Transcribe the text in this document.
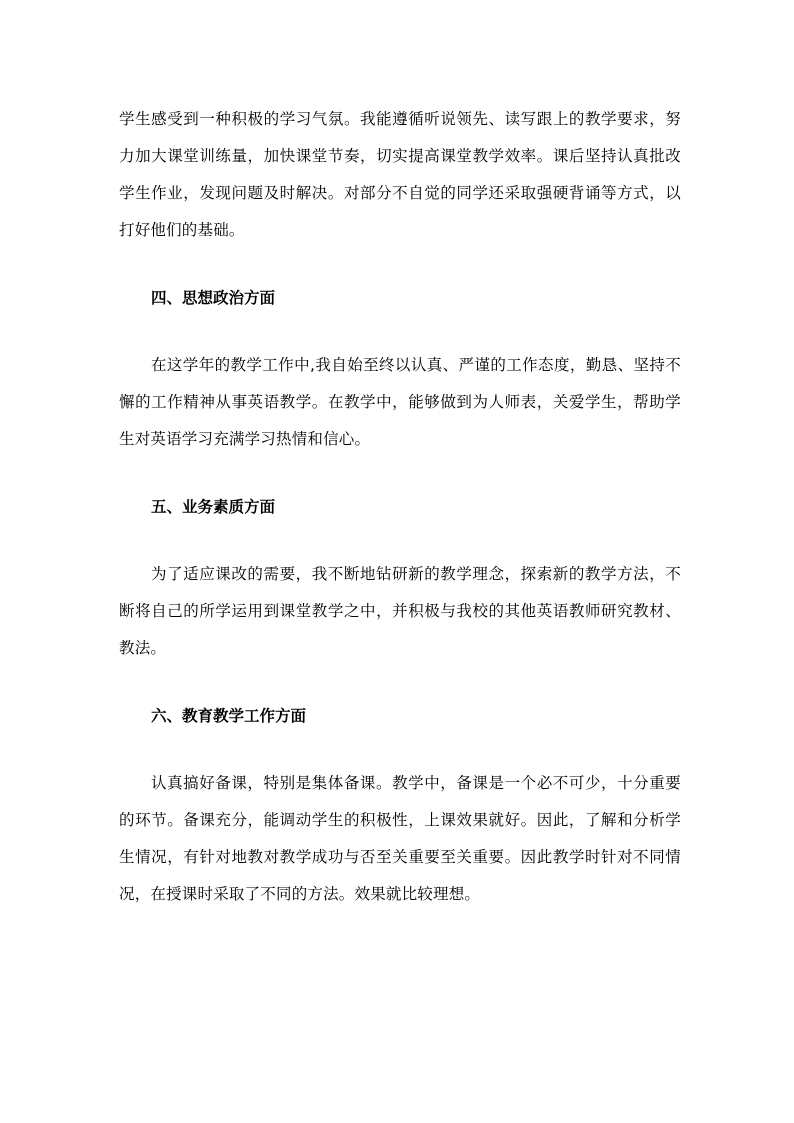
学生感受到一种积极的学习气氛。我能遵循听说领先、读写跟上的教学要求，努力加大课堂训练量，加快课堂节奏，切实提高课堂教学效率。课后坚持认真批改学生作业，发现问题及时解决。对部分不自觉的同学还采取强硬背诵等方式，以打好他们的基础。

四、思想政治方面

在这学年的教学工作中,我自始至终以认真、严谨的工作态度，勤恳、坚持不懈的工作精神从事英语教学。在教学中，能够做到为人师表，关爱学生，帮助学生对英语学习充满学习热情和信心。

五、业务素质方面

为了适应课改的需要，我不断地钻研新的教学理念，探索新的教学方法，不断将自己的所学运用到课堂教学之中，并积极与我校的其他英语教师研究教材、教法。

六、教育教学工作方面

认真搞好备课，特别是集体备课。教学中，备课是一个必不可少，十分重要的环节。备课充分，能调动学生的积极性，上课效果就好。因此，了解和分析学生情况，有针对地教对教学成功与否至关重要至关重要。因此教学时针对不同情况，在授课时采取了不同的方法。效果就比较理想。
